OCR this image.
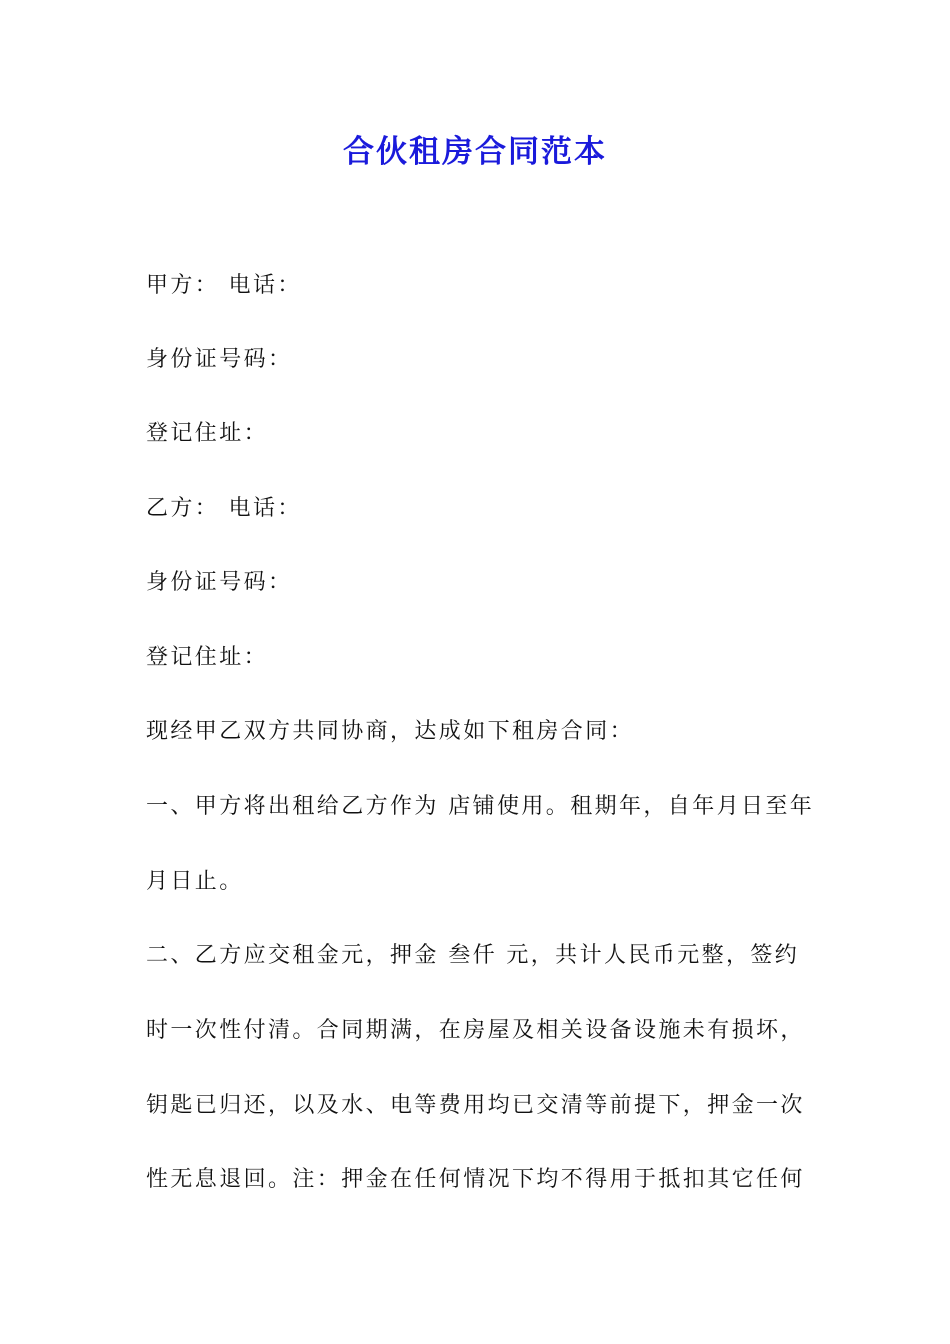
合伙租房合同范本
甲方： 电话：
身份证号码：
登记住址：
乙方： 电话：
身份证号码：
登记住址：
现经甲乙双方共同协商，达成如下租房合同：
一、甲方将出租给乙方作为 店铺使用。租期年，自年月日至年
月日止。
二、乙方应交租金元，押金 叁仟 元，共计人民币元整，签约
时一次性付清。合同期满，在房屋及相关设备设施未有损坏，
钥匙已归还，以及水、电等费用均已交清等前提下，押金一次
性无息退回。注：押金在任何情况下均不得用于抵扣其它任何
